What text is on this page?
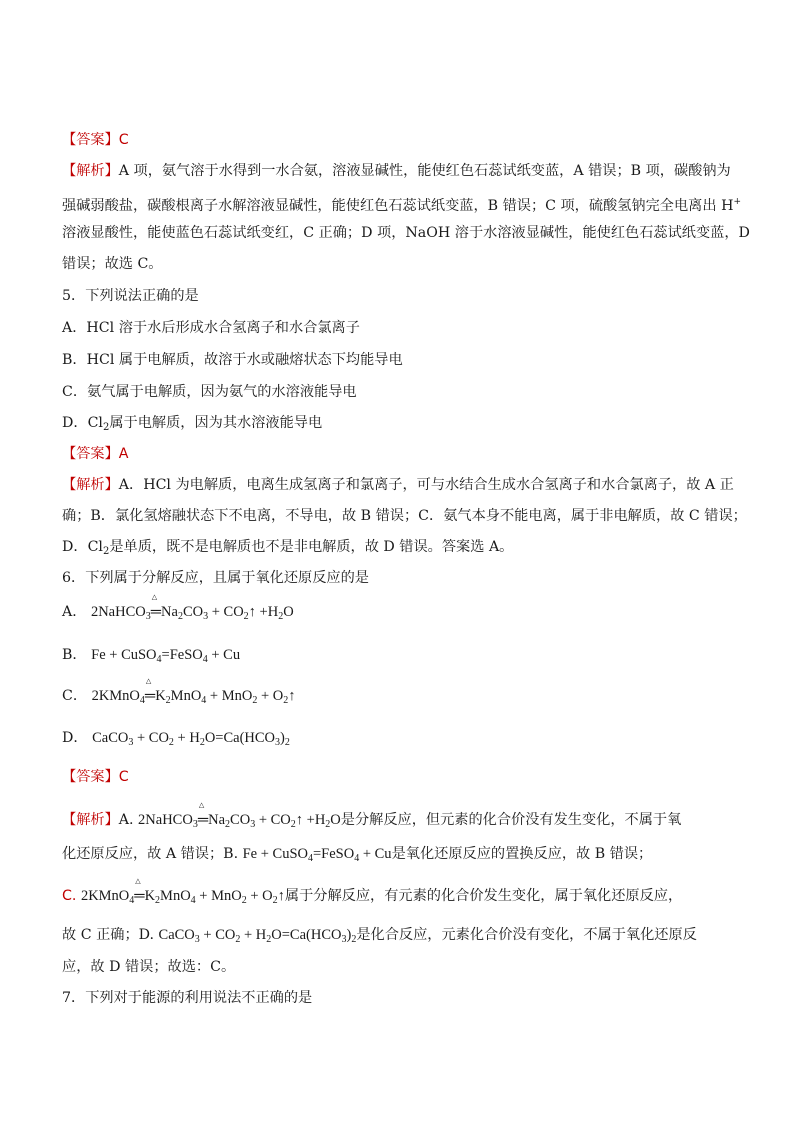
【答案】C
【解析】A 项，氨气溶于水得到一水合氨，溶液显碱性，能使红色石蕊试纸变蓝，A 错误；B 项，碳酸钠为
强碱弱酸盐，碳酸根离子水解溶液显碱性，能使红色石蕊试纸变蓝，B 错误；C 项，硫酸氢钠完全电离出 H+
溶液显酸性，能使蓝色石蕊试纸变红，C 正确；D 项，NaOH 溶于水溶液显碱性，能使红色石蕊试纸变蓝，D
错误；故选 C。
5．下列说法正确的是
A．HCl 溶于水后形成水合氢离子和水合氯离子
B．HCl 属于电解质，故溶于水或融熔状态下均能导电
C．氨气属于电解质，因为氨气的水溶液能导电
D．$Cl_2$属于电解质，因为其水溶液能导电
【答案】A
【解析】A．HCl 为电解质，电离生成氢离子和氯离子，可与水结合生成水合氢离子和水合氯离子，故 A 正
确；B．氯化氢熔融状态下不电离，不导电，故 B 错误；C．氨气本身不能电离，属于非电解质，故 C 错误；
D．$Cl_2$是单质，既不是电解质也不是非电解质，故 D 错误。答案选 A。
6．下列属于分解反应，且属于氧化还原反应的是
A． 2NaHCO$_3$
△
$═Na_2CO_3$ + $CO_2↑ +H_2O$
B． Fe + CuSO$_4$=FeSO$_4$ + Cu
C． 2KMnO$_4$
△
$═K_2MnO_4 + MnO_2$ + $O_2↑$
D． CaCO$_3$ + $CO_2 + H_2O=Ca(HCO_3)_2$
【答案】C
【解析】A. 2NaHCO$_3$
△
$═Na_2CO_3$ + $CO_2↑ +H_2O$是分解反应，但元素的化合价没有发生变化，不属于氧
化还原反应，故 A 错误；B. Fe + CuSO$_4$=FeSO$_4$ + Cu是氧化还原反应的置换反应，故 B 错误；
C. 2KMnO$_4$
△
$═K_2MnO_4 + MnO_2$ + $O_2↑$属于分解反应，有元素的化合价发生变化，属于氧化还原反应，
故 C 正确；D. CaCO$_3$ + $CO_2 + H_2O=Ca(HCO_3)_2$是化合反应，元素化合价没有变化，不属于氧化还原反
应，故 D 错误；故选：C。
7．下列对于能源的利用说法不正确的是
